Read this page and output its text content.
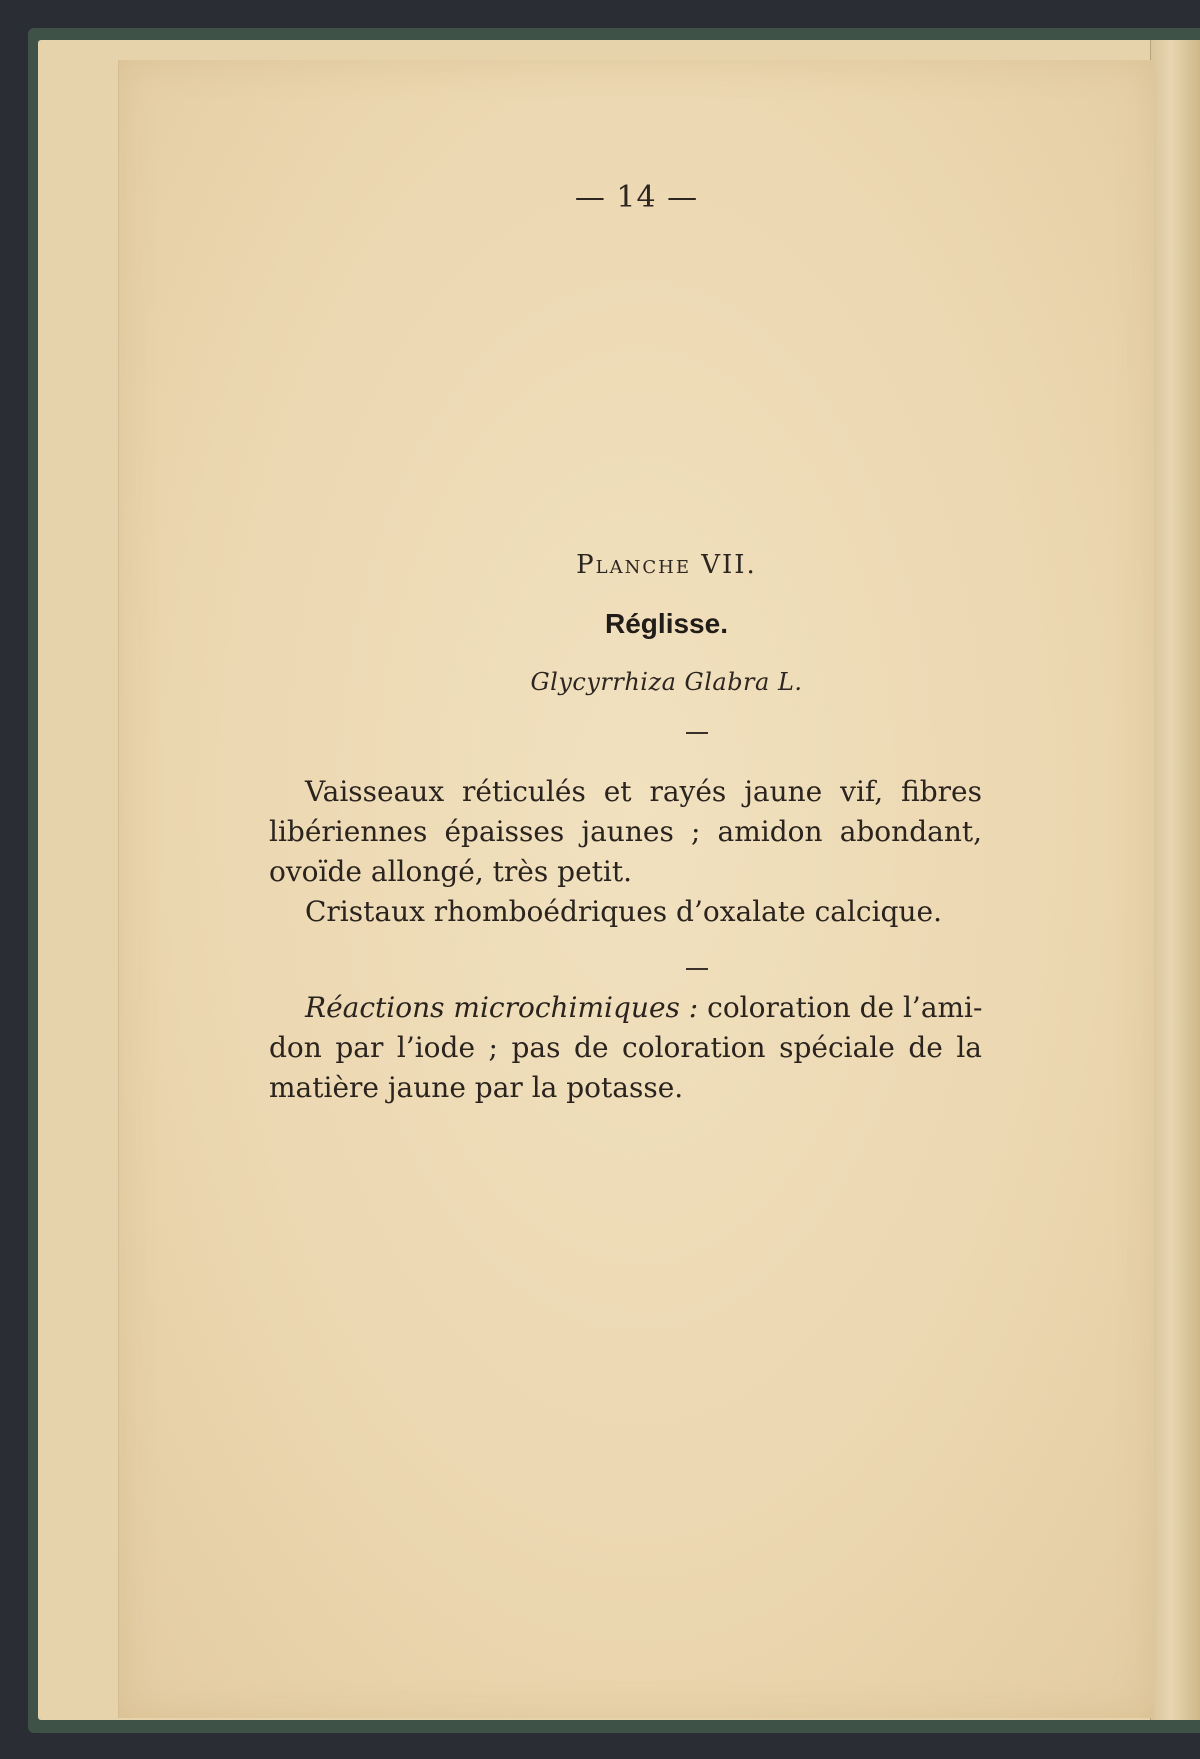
— 14 —
Planche VII.
Réglisse.
Glycyrrhiza Glabra L.
Vaisseaux réticulés et rayés jaune vif, fibres
libériennes épaisses jaunes ; amidon abondant,
ovoïde allongé, très petit.
Cristaux rhomboédriques d’oxalate calcique.
Réactions microchimiques : coloration de l’ami-
don par l’iode ; pas de coloration spéciale de la
matière jaune par la potasse.
